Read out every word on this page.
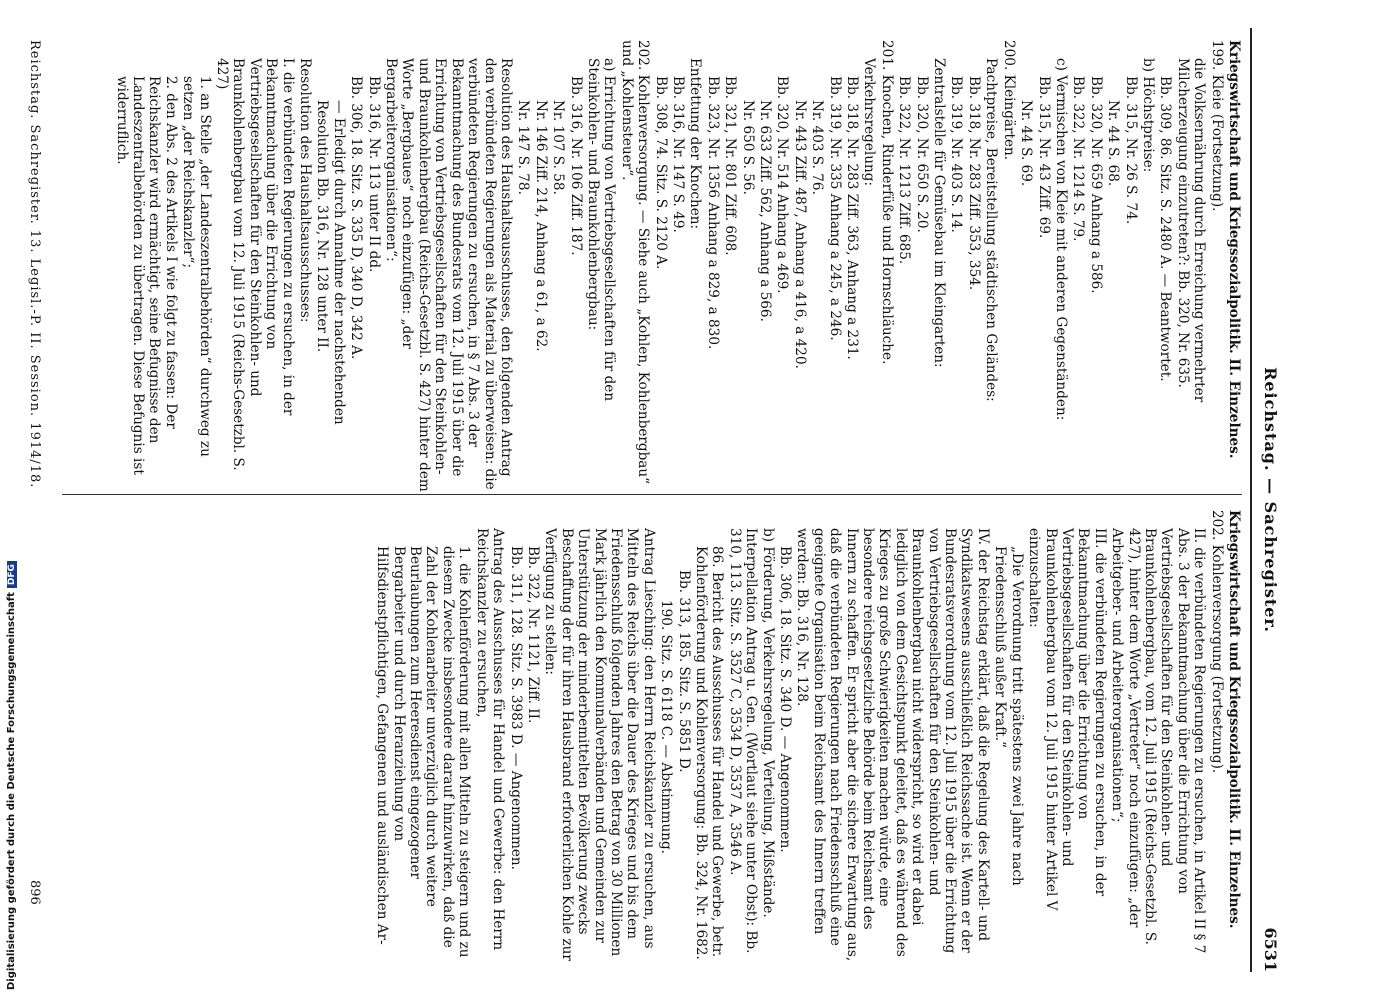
Reichstag. — Sachregister.
6531

Kriegswirtschaft und Kriegssozialpolitik. II. Einzelnes.

199. Kleie (Fortsetzung).

die Volksernährung durch Erreichung vermehrter Milcherzeugung einzutreten?: Bb. 320, Nr. 635.

Bb. 309, 86. Sitz. S. 2480 A. — Beantwortet.

b) Höchstpreise:

Bb. 315, Nr. 26 S. 74.

Nr. 44 S. 68.

Bb. 320, Nr. 659 Anhang a 586.

Bb. 322, Nr. 1214 S. 79.

c) Vermischen von Kleie mit anderen Gegenständen:

Bb. 315, Nr. 43 Ziff. 69.

Nr. 44 S. 69.

200. Kleingärten.

Pachtpreise, Bereitstellung städtischen Geländes:

Bb. 318, Nr. 283 Ziff. 353, 354.

Bb. 319, Nr. 403 S. 14.

Zentralstelle für Gemüsebau im Kleingarten:

Bb. 320, Nr. 650 S. 20.

Bb. 322, Nr. 1213 Ziff. 685.

201. Knochen, Rinderfüße und Hornschläuche.

Verkehrsregelung:

Bb. 318, Nr. 283 Ziff. 363, Anhang a 231.

Bb. 319, Nr. 335 Anhang a 245, a 246.

Nr. 403 S. 76.

Nr. 443 Ziff. 487, Anhang a 416, a 420.

Bb. 320, Nr. 514 Anhang a 469.

Nr. 633 Ziff. 562, Anhang a 566.

Nr. 650 S. 56.

Bb. 321, Nr. 801 Ziff. 608.

Bb. 323, Nr. 1356 Anhang a 829, a 830.

Entfettung der Knochen:

Bb. 316, Nr. 147 S. 49.

Bb. 308, 74. Sitz. S. 2120 A.

202. Kohlenversorgung. — Siehe auch „Kohlen, Kohlenbergbau“ und „Kohlensteuer“.

a) Errichtung von Vertriebsgesellschaften für den Steinkohlen- und Braunkohlenbergbau:

Bb. 316, Nr. 106 Ziff. 187.

Nr. 107 S. 58.

Nr. 146 Ziff. 214, Anhang a 61, a 62.

Nr. 147 S. 78.

Resolution des Haushaltsausschusses, den folgenden Antrag den verbündeten Regierungen als Material zu überweisen: die verbündeten Regierungen zu ersuchen, in § 7 Abs. 3 der Bekanntmachung des Bundesrats vom 12. Juli 1915 über die Errichtung von Vertriebsgesellschaften für den Steinkohlen- und Braunkohlenbergbau (Reichs-Gesetzbl. S. 427) hinter dem Worte „Bergbaues“ noch einzufügen: „der Bergarbeiterorganisationen“:

Bb. 316, Nr. 113 unter II dd.

Bb. 306, 18. Sitz. S. 335 D, 340 D, 342 A.

— Erledigt durch Annahme der nachstehenden Resolution Bb. 316, Nr. 128 unter II.

Resolution des Haushaltsausschusses:

I. die verbündeten Regierungen zu ersuchen, in der Bekanntmachung über die Errichtung von Vertriebsgesellschaften für den Steinkohlen- und Braunkohlenbergbau vom 12. Juli 1915 (Reichs-Gesetzbl. S. 427)

1. an Stelle „der Landeszentralbehörden“ durchweg zu setzen „der Reichskanzler“;

2. den Abs. 2 des Artikels I wie folgt zu fassen: Der Reichskanzler wird ermächtigt, seine Befugnisse den Landeszentralbehörden zu übertragen. Diese Befugnis ist widerruflich.

Kriegswirtschaft und Kriegssozialpolitik. II. Einzelnes.

202. Kohlenversorgung (Fortsetzung).

II. die verbündeten Regierungen zu ersuchen, in Artikel II § 7 Abs. 3 der Bekanntmachung über die Errichtung von Vertriebsgesellschaften für den Steinkohlen- und Braunkohlenbergbau, vom 12. Juli 1915 (Reichs-Gesetzbl. S. 427), hinter dem Worte „Vertreter“ noch einzufügen: „der Arbeitgeber- und Arbeiterorganisationen“;

III. die verbündeten Regierungen zu ersuchen, in der Bekanntmachung über die Errichtung von Vertriebsgesellschaften für den Steinkohlen- und Braunkohlenbergbau vom 12. Juli 1915 hinter Artikel V einzuschalten:

„Die Verordnung tritt spätestens zwei Jahre nach Friedensschluß außer Kraft.“

IV. der Reichstag erklärt, daß die Regelung des Kartell- und Syndikatswesens ausschließlich Reichssache ist. Wenn er der Bundesratsverordnung vom 12. Juli 1915 über die Errichtung von Vertriebsgesellschaften für den Steinkohlen- und Braunkohlenbergbau nicht widerspricht, so wird er dabei lediglich von dem Gesichtspunkt geleitet, daß es während des Krieges zu große Schwierigkeiten machen würde, eine besondere reichsgesetzliche Behörde beim Reichsamt des Innern zu schaffen. Er spricht aber die sichere Erwartung aus, daß die verbündeten Regierungen nach Friedensschluß eine geeignete Organisation beim Reichsamt des Innern treffen werden: Bb. 316, Nr. 128.

Bb. 306, 18. Sitz. S. 340 D. — Angenommen.

b) Förderung, Verkehrsregelung, Verteilung, Mißstände. Interpellation Antrag u. Gen. (Wortlaut siehe unter Obst): Bb. 310, 113. Sitz. S. 3527 C, 3534 D, 3537 A, 3546 A.

86. Bericht des Ausschusses für Handel und Gewerbe, betr. Kohlenförderung und Kohlenversorgung: Bb. 324, Nr. 1682.

Bb. 313, 185. Sitz. S. 5851 D.

190. Sitz. S. 6118 C. — Abstimmung.

Antrag Liesching: den Herrn Reichskanzler zu ersuchen, aus Mitteln des Reichs über die Dauer des Krieges und bis dem Friedensschluß folgenden Jahres den Betrag von 30 Millionen Mark jährlich den Kommunalverbänden und Gemeinden zur Unterstützung der minderbemittelten Bevölkerung zwecks Beschaffung der für ihren Hausbrand erforderlichen Kohle zur Verfügung zu stellen:

Bb. 322, Nr. 1121, Ziff. II.

Bb. 311, 128. Sitz. S. 3983 D. — Angenommen.

Antrag des Ausschusses für Handel und Gewerbe: den Herrn Reichskanzler zu ersuchen,

1. die Kohlenförderung mit allen Mitteln zu steigern und zu diesem Zwecke insbesondere darauf hinzuwirken, daß die Zahl der Kohlenarbeiter unverzüglich durch weitere Beurlaubungen zum Heeresdienst eingezogener Bergarbeiter und durch Heranziehung von Hilfsdienstpflichtigen, Gefangenen und ausländischen Ar-

Reichstag. Sachregister. 13. Legisl.-P. II. Session. 1914/18.
896
Digitalisierung gefördert durch die Deutsche ForschungsgemeinschaftDFG
